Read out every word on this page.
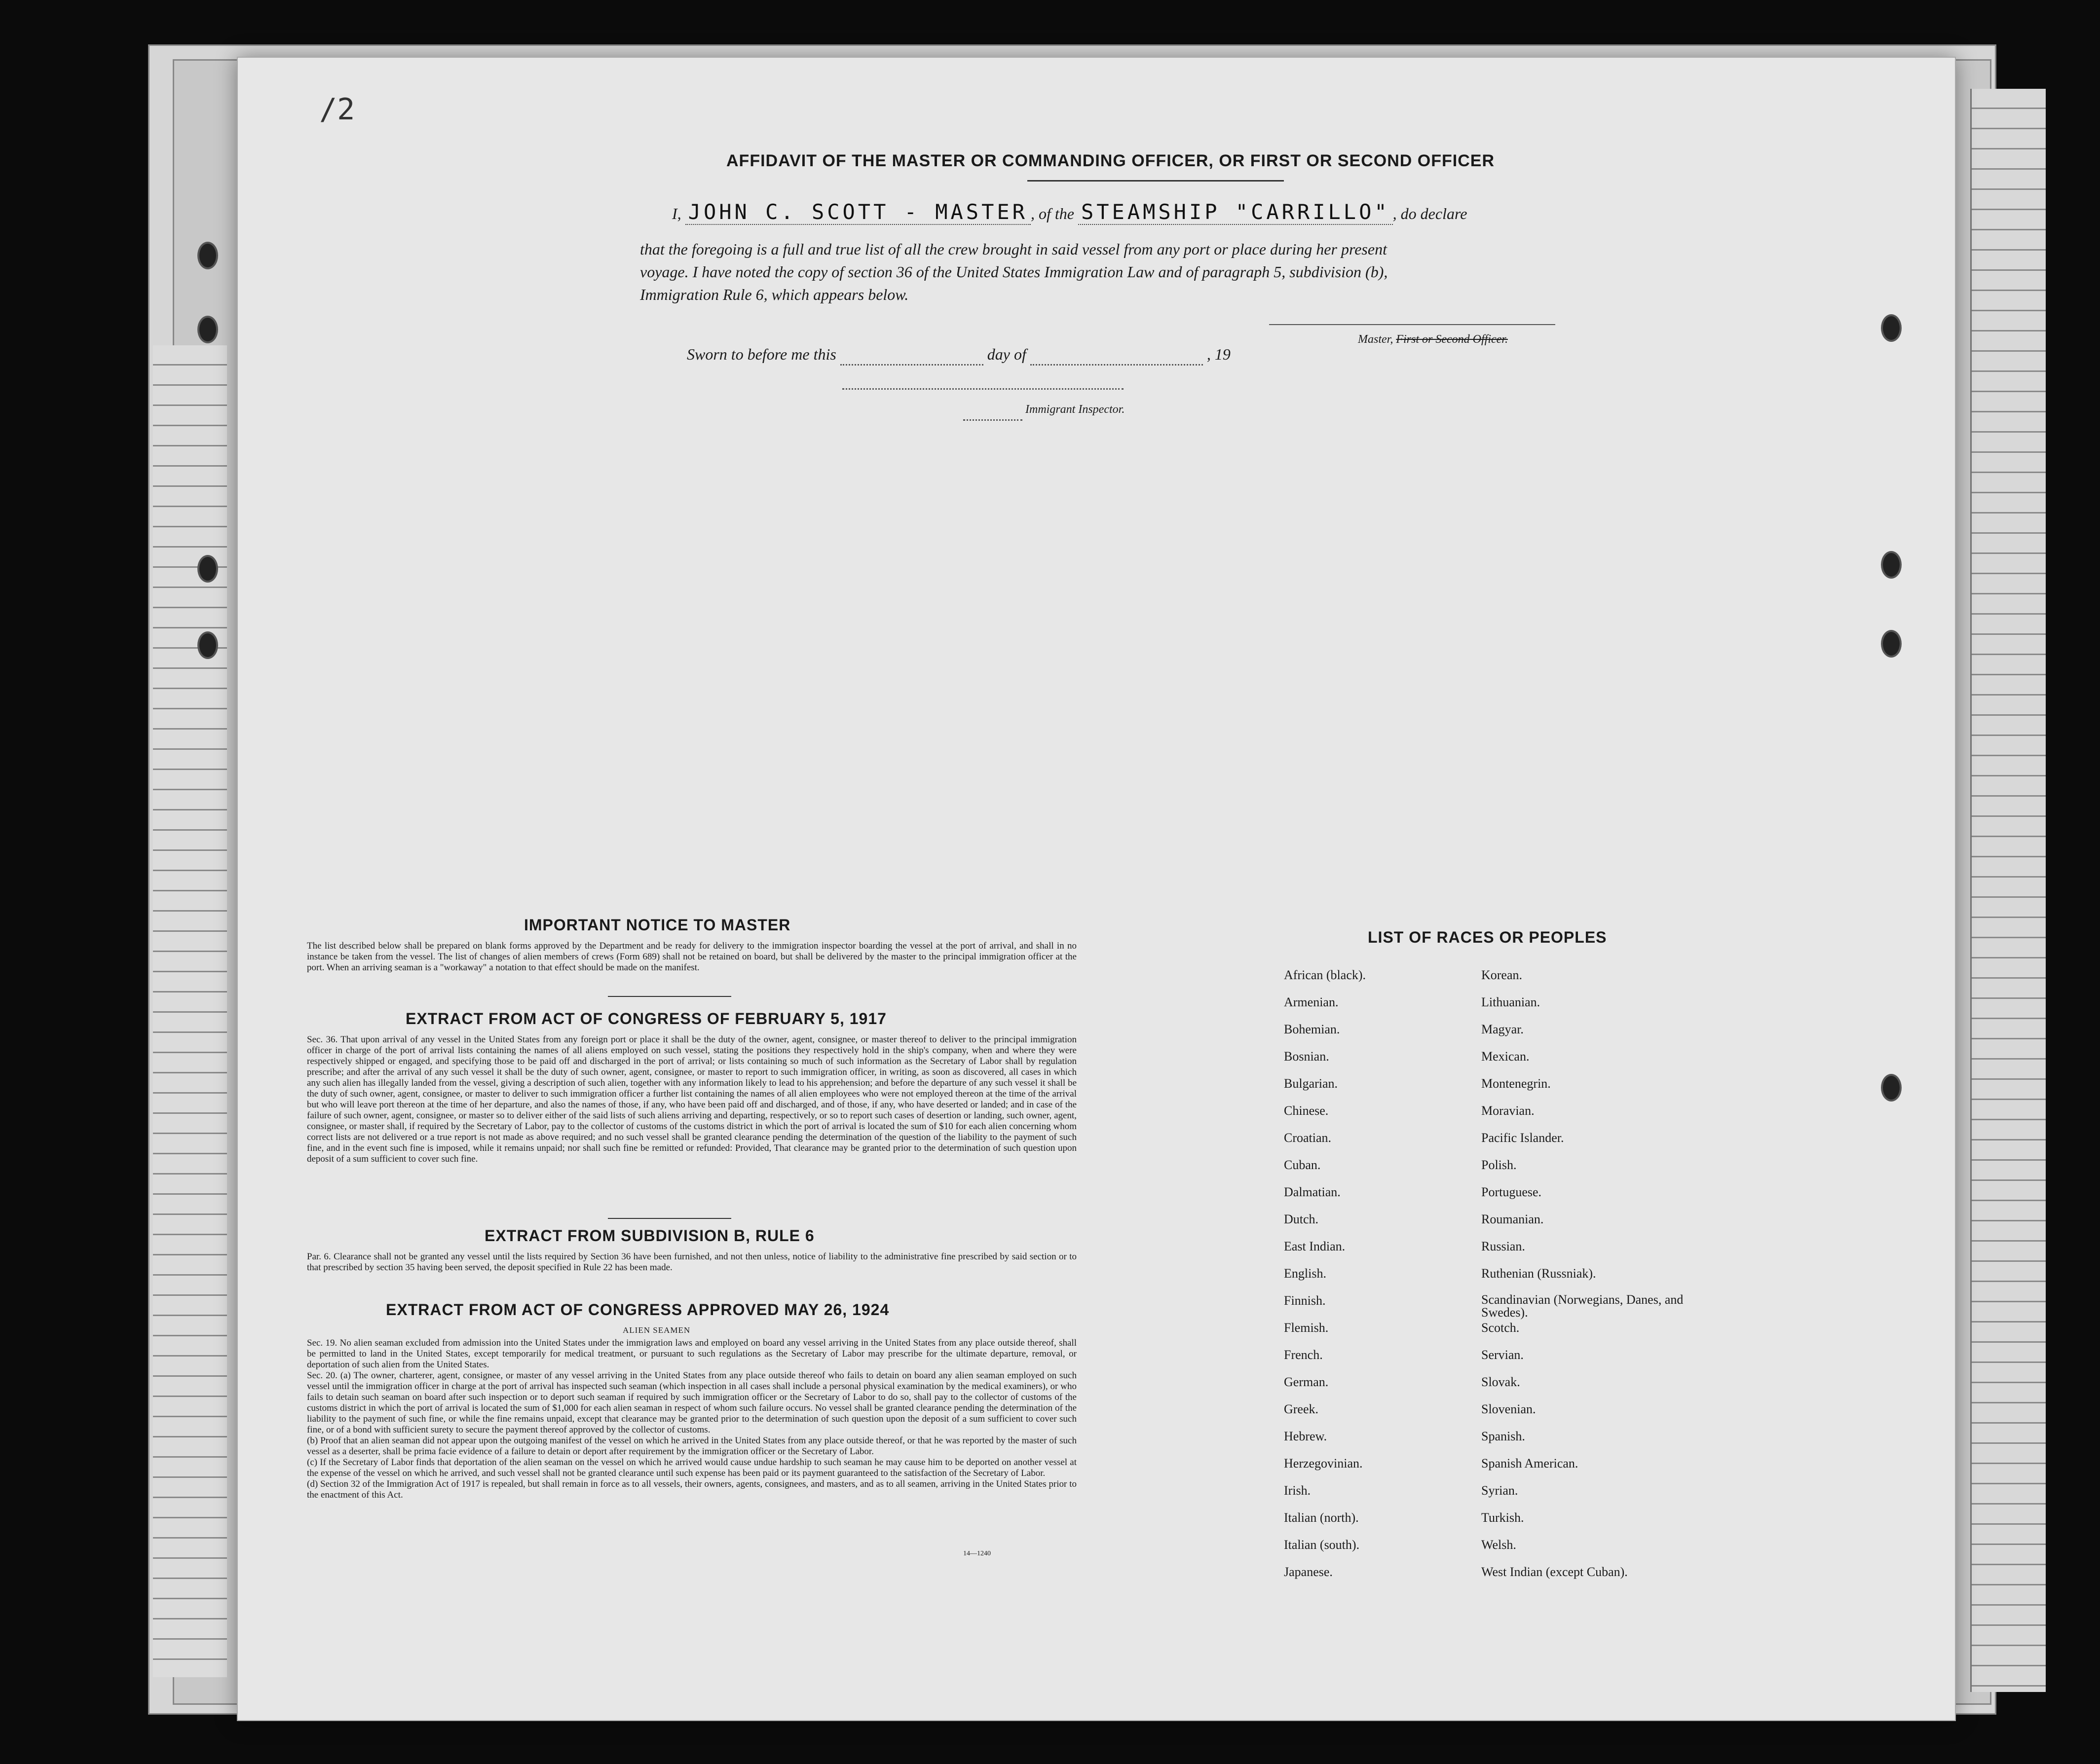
/2
AFFIDAVIT OF THE MASTER OR COMMANDING OFFICER, OR FIRST OR SECOND OFFICER
I, JOHN C. SCOTT - MASTER , of the STEAMSHIP "CARRILLO" , do declare
that the foregoing is a full and true list of all the crew brought in said vessel from any port or place during her present
voyage. I have noted the copy of section 36 of the United States Immigration Law and of paragraph 5, subdivision (b),
Immigration Rule 6, which appears below.
Master, First or Second Officer.
Sworn to before me this	day of	, 19
Immigrant Inspector.
IMPORTANT NOTICE TO MASTER
The list described below shall be prepared on blank forms approved by the Department and be ready for delivery to the immigration inspector boarding the vessel at the port of arrival, and shall in no instance be taken from the vessel. The list of changes of alien members of crews (Form 689) shall not be retained on board, but shall be delivered by the master to the principal immigration officer at the port. When an arriving seaman is a "workaway" a notation to that effect should be made on the manifest.
EXTRACT FROM ACT OF CONGRESS OF FEBRUARY 5, 1917
Sec. 36. That upon arrival of any vessel in the United States from any foreign port or place it shall be the duty of the owner, agent, consignee, or master thereof to deliver to the principal immigration officer in charge of the port of arrival lists containing the names of all aliens employed on such vessel, stating the positions they respectively hold in the ship's company, when and where they were respectively shipped or engaged, and specifying those to be paid off and discharged in the port of arrival; or lists containing so much of such information as the Secretary of Labor shall by regulation prescribe; and after the arrival of any such vessel it shall be the duty of such owner, agent, consignee, or master to report to such immigration officer, in writing, as soon as discovered, all cases in which any such alien has illegally landed from the vessel, giving a description of such alien, together with any information likely to lead to his apprehension; and before the departure of any such vessel it shall be the duty of such owner, agent, consignee, or master to deliver to such immigration officer a further list containing the names of all alien employees who were not employed thereon at the time of the arrival but who will leave port thereon at the time of her departure, and also the names of those, if any, who have been paid off and discharged, and of those, if any, who have deserted or landed; and in case of the failure of such owner, agent, consignee, or master so to deliver either of the said lists of such aliens arriving and departing, respectively, or so to report such cases of desertion or landing, such owner, agent, consignee, or master shall, if required by the Secretary of Labor, pay to the collector of customs of the customs district in which the port of arrival is located the sum of $10 for each alien concerning whom correct lists are not delivered or a true report is not made as above required; and no such vessel shall be granted clearance pending the determination of the question of the liability to the payment of such fine, and in the event such fine is imposed, while it remains unpaid; nor shall such fine be remitted or refunded: Provided, That clearance may be granted prior to the determination of such question upon deposit of a sum sufficient to cover such fine.
EXTRACT FROM SUBDIVISION B, RULE 6
Par. 6. Clearance shall not be granted any vessel until the lists required by Section 36 have been furnished, and not then unless, notice of liability to the administrative fine prescribed by said section or to that prescribed by section 35 having been served, the deposit specified in Rule 22 has been made.
EXTRACT FROM ACT OF CONGRESS APPROVED MAY 26, 1924
ALIEN SEAMEN
Sec. 19. No alien seaman excluded from admission into the United States under the immigration laws and employed on board any vessel arriving in the United States from any place outside thereof, shall be permitted to land in the United States, except temporarily for medical treatment, or pursuant to such regulations as the Secretary of Labor may prescribe for the ultimate departure, removal, or deportation of such alien from the United States.
Sec. 20. (a) The owner, charterer, agent, consignee, or master of any vessel arriving in the United States from any place outside thereof who fails to detain on board any alien seaman employed on such vessel until the immigration officer in charge at the port of arrival has inspected such seaman (which inspection in all cases shall include a personal physical examination by the medical examiners), or who fails to detain such seaman on board after such inspection or to deport such seaman if required by such immigration officer or the Secretary of Labor to do so, shall pay to the collector of customs of the customs district in which the port of arrival is located the sum of $1,000 for each alien seaman in respect of whom such failure occurs. No vessel shall be granted clearance pending the determination of the liability to the payment of such fine, or while the fine remains unpaid, except that clearance may be granted prior to the determination of such question upon the deposit of a sum sufficient to cover such fine, or of a bond with sufficient surety to secure the payment thereof approved by the collector of customs.
(b) Proof that an alien seaman did not appear upon the outgoing manifest of the vessel on which he arrived in the United States from any place outside thereof, or that he was reported by the master of such vessel as a deserter, shall be prima facie evidence of a failure to detain or deport after requirement by the immigration officer or the Secretary of Labor.
(c) If the Secretary of Labor finds that deportation of the alien seaman on the vessel on which he arrived would cause undue hardship to such seaman he may cause him to be deported on another vessel at the expense of the vessel on which he arrived, and such vessel shall not be granted clearance until such expense has been paid or its payment guaranteed to the satisfaction of the Secretary of Labor.
(d) Section 32 of the Immigration Act of 1917 is repealed, but shall remain in force as to all vessels, their owners, agents, consignees, and masters, and as to all seamen, arriving in the United States prior to the enactment of this Act.
14—1240
LIST OF RACES OR PEOPLES
African (black).
Armenian.
Bohemian.
Bosnian.
Bulgarian.
Chinese.
Croatian.
Cuban.
Dalmatian.
Dutch.
East Indian.
English.
Finnish.
Flemish.
French.
German.
Greek.
Hebrew.
Herzegovinian.
Irish.
Italian (north).
Italian (south).
Japanese.
Korean.
Lithuanian.
Magyar.
Mexican.
Montenegrin.
Moravian.
Pacific Islander.
Polish.
Portuguese.
Roumanian.
Russian.
Ruthenian (Russniak).
Scandinavian (Norwegians, Danes, and Swedes).
Scotch.
Servian.
Slovak.
Slovenian.
Spanish.
Spanish American.
Syrian.
Turkish.
Welsh.
West Indian (except Cuban).
